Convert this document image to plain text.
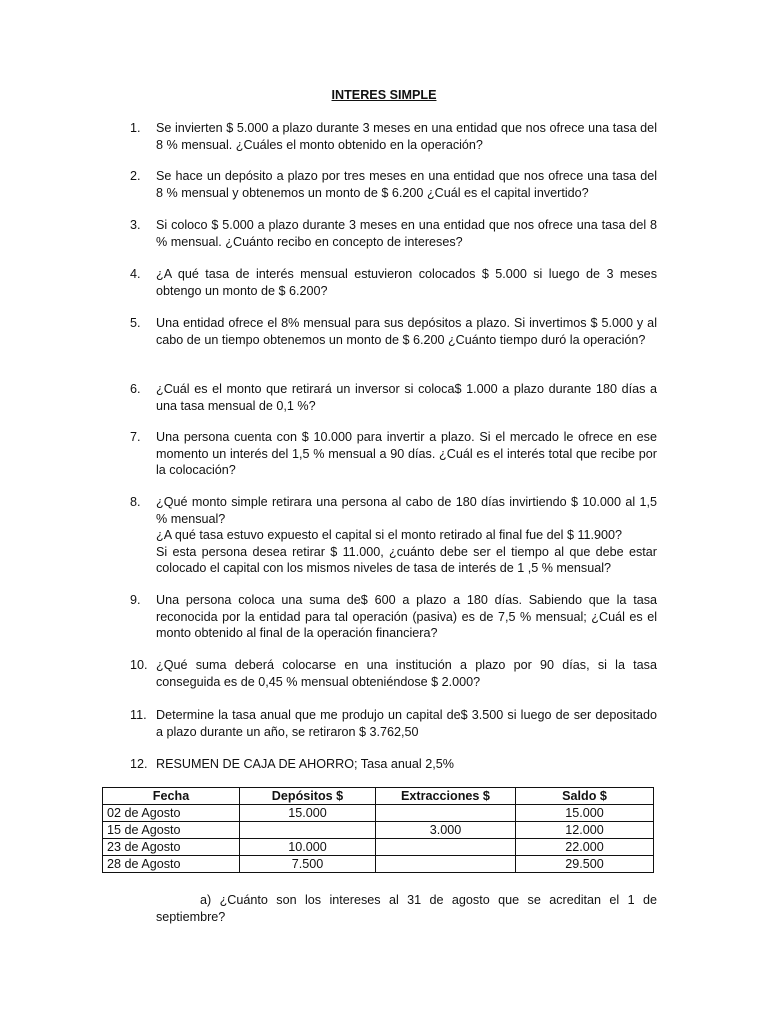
INTERES SIMPLE
1.	Se invierten $ 5.000 a plazo durante 3 meses en una entidad que nos ofrece una tasa del 8 % mensual. ¿Cuáles el monto obtenido en la operación?

2.	Se hace un depósito a plazo por tres meses en una entidad que nos ofrece una tasa del 8 % mensual y obtenemos un monto de $ 6.200 ¿Cuál es el capital invertido?

3.	Si coloco $ 5.000 a plazo durante 3 meses en una entidad que nos ofrece una tasa del 8 % mensual. ¿Cuánto recibo en concepto de intereses?

4.	¿A qué tasa de interés mensual estuvieron colocados $ 5.000 si luego de 3 meses obtengo un monto de $ 6.200?

5.	Una entidad ofrece el 8% mensual para sus depósitos a plazo. Si invertimos $ 5.000 y al cabo de un tiempo obtenemos un monto de $ 6.200 ¿Cuánto tiempo duró la operación?

6.	¿Cuál es el monto que retirará un inversor si coloca$ 1.000 a plazo durante 180 días a una tasa mensual de 0,1 %?

7.	Una persona cuenta con $ 10.000 para invertir a plazo. Si el mercado le ofrece en ese momento un interés del 1,5 % mensual a 90 días. ¿Cuál es el interés total que recibe por la colocación?

8.	¿Qué monto simple retirara una persona al cabo de 180 días invirtiendo $ 10.000 al 1,5 % mensual?

¿A qué tasa estuvo expuesto el capital si el monto retirado al final fue del $ 11.900?

Si esta persona desea retirar $ 11.000, ¿cuánto debe ser el tiempo al que debe estar colocado el capital con los mismos niveles de tasa de interés de 1 ,5 % mensual?

9.	Una persona coloca una suma de$ 600 a plazo a 180 días. Sabiendo que la tasa reconocida por la entidad para tal operación (pasiva) es de 7,5 % mensual; ¿Cuál es el monto obtenido al final de la operación financiera?

10. ¿Qué suma deberá colocarse en una institución a plazo por 90 días, si la tasa conseguida es de 0,45 % mensual obteniéndose $ 2.000?

11. Determine la tasa anual que me produjo un capital de$ 3.500 si luego de ser depositado a plazo durante un año, se retiraron $ 3.762,50

12. RESUMEN DE CAJA DE AHORRO; Tasa anual 2,5%

Fecha	Depósitos $	Extracciones $	Saldo $
02 de Agosto	15.000		15.000
15 de Agosto		3.000	12.000
23 de Agosto	10.000		22.000
28 de Agosto	7.500		29.500
a) ¿Cuánto son los intereses al 31 de agosto que se acreditan el 1 de septiembre?
